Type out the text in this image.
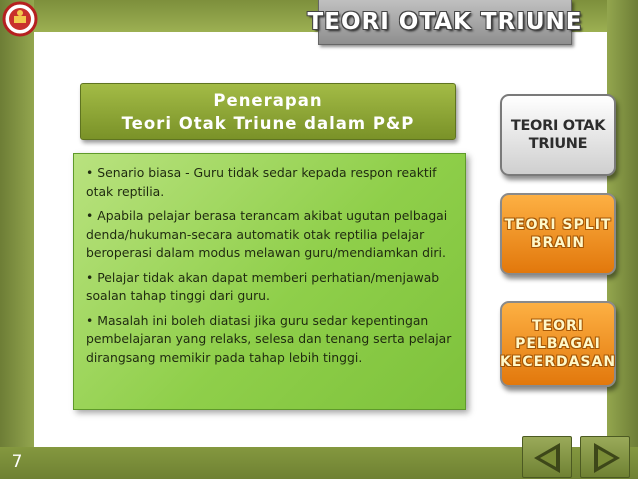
TEORI OTAK TRIUNE
Penerapan
Teori Otak Triune dalam P&P

• Senario biasa - Guru tidak sedar kepada respon reaktif otak reptilia.

• Apabila pelajar berasa terancam akibat ugutan pelbagai denda/hukuman-secara automatik otak reptilia pelajar beroperasi dalam modus melawan guru/mendiamkan diri.

• Pelajar tidak akan dapat memberi perhatian/menjawab soalan tahap tinggi dari guru.

• Masalah ini boleh diatasi jika guru sedar kepentingan pembelajaran yang relaks, selesa dan tenang serta pelajar dirangsang memikir pada tahap lebih tinggi.

TEORI OTAK
TRIUNE
TEORI SPLIT
BRAIN
TEORI
PELBAGAI
KECERDASAN
7
